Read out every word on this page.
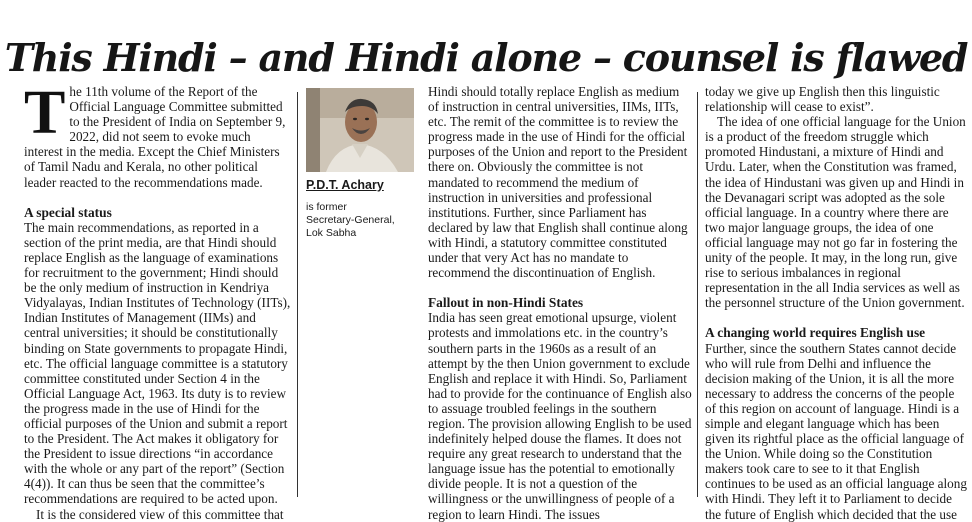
This Hindi – and Hindi alone – counsel is flawed

The 11th volume of the Report of the Official Language Committee submitted to the President of India on September 9, 2022, did not seem to evoke much interest in the media. Except the Chief Ministers of Tamil Nadu and Kerala, no other political leader reacted to the recommendations made.

A special status

The main recommendations, as reported in a section of the print media, are that Hindi should replace English as the language of examinations for recruitment to the government; Hindi should be the only medium of instruction in Kendriya Vidyalayas, Indian Institutes of Technology (IITs), Indian Institutes of Management (IIMs) and central universities; it should be constitutionally binding on State governments to propagate Hindi, etc. The official language committee is a statutory committee constituted under Section 4 in the Official Language Act, 1963. Its duty is to review the progress made in the use of Hindi for the official purposes of the Union and submit a report to the President. The Act makes it obligatory for the President to issue directions “in accordance with the whole or any part of the report” (Section 4(4)). It can thus be seen that the committee’s recommendations are required to be acted upon.

It is the considered view of this committee that

P.D.T. Achary
is former
Secretary-General,
Lok Sabha

Hindi should totally replace English as medium of instruction in central universities, IIMs, IITs, etc. The remit of the committee is to review the progress made in the use of Hindi for the official purposes of the Union and report to the President there on. Obviously the committee is not mandated to recommend the medium of instruction in universities and professional institutions. Further, since Parliament has declared by law that English shall continue along with Hindi, a statutory committee constituted under that very Act has no mandate to recommend the discontinuation of English.

Fallout in non-Hindi States

India has seen great emotional upsurge, violent protests and immolations etc. in the country’s southern parts in the 1960s as a result of an attempt by the then Union government to exclude English and replace it with Hindi. So, Parliament had to provide for the continuance of English also to assuage troubled feelings in the southern region. The provision allowing English to be used indefinitely helped douse the flames. It does not require any great research to understand that the language issue has the potential to emotionally divide people. It is not a question of the willingness or the unwillingness of people of a region to learn Hindi. The issues

today we give up English then this linguistic relationship will cease to exist”.

The idea of one official language for the Union is a product of the freedom struggle which promoted Hindustani, a mixture of Hindi and Urdu. Later, when the Constitution was framed, the idea of Hindustani was given up and Hindi in the Devanagari script was adopted as the sole official language. In a country where there are two major language groups, the idea of one official language may not go far in fostering the unity of the people. It may, in the long run, give rise to serious imbalances in regional representation in the all India services as well as the personnel structure of the Union government.

A changing world requires English use

Further, since the southern States cannot decide who will rule from Delhi and influence the decision making of the Union, it is all the more necessary to address the concerns of the people of this region on account of language. Hindi is a simple and elegant language which has been given its rightful place as the official language of the Union. While doing so the Constitution makers took care to see to it that English continues to be used as an official language along with Hindi. They left it to Parliament to decide the future of English which decided that the use
